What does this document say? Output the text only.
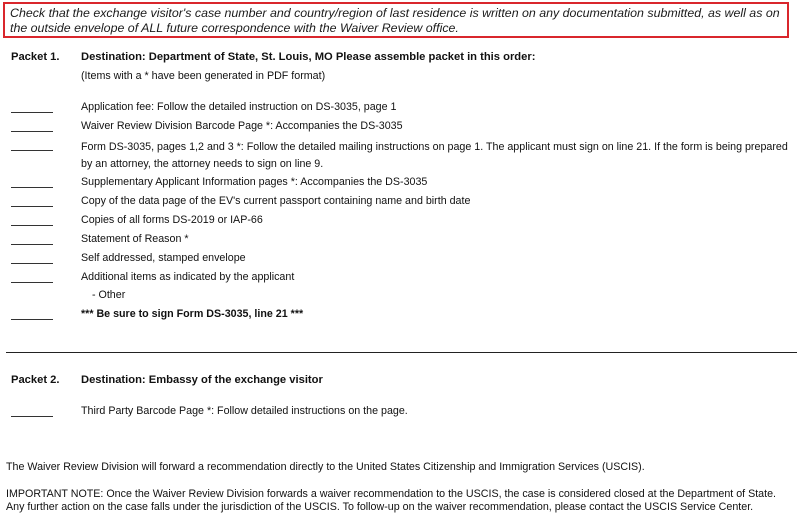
Check that the exchange visitor's case number and country/region of last residence is written on any documentation submitted, as well as on the outside envelope of ALL future correspondence with the Waiver Review office.
Packet 1. Destination: Department of State, St. Louis, MO Please assemble packet in this order:
(Items with a * have been generated in PDF format)
Application fee: Follow the detailed instruction on DS-3035, page 1
Waiver Review Division Barcode Page *: Accompanies the DS-3035
Form DS-3035, pages 1,2 and 3 *: Follow the detailed mailing instructions on page 1. The applicant must sign on line 21. If the form is being prepared by an attorney, the attorney needs to sign on line 9.
Supplementary Applicant Information pages *: Accompanies the DS-3035
Copy of the data page of the EV's current passport containing name and birth date
Copies of all forms DS-2019 or IAP-66
Statement of Reason *
Self addressed, stamped envelope
Additional items as indicated by the applicant
- Other
*** Be sure to sign Form DS-3035, line 21 ***
Packet 2. Destination: Embassy of the exchange visitor
Third Party Barcode Page *: Follow detailed instructions on the page.
The Waiver Review Division will forward a recommendation directly to the United States Citizenship and Immigration Services (USCIS).
IMPORTANT NOTE: Once the Waiver Review Division forwards a waiver recommendation to the USCIS, the case is considered closed at the Department of State. Any further action on the case falls under the jurisdiction of the USCIS. To follow-up on the waiver recommendation, please contact the USCIS Service Center.
